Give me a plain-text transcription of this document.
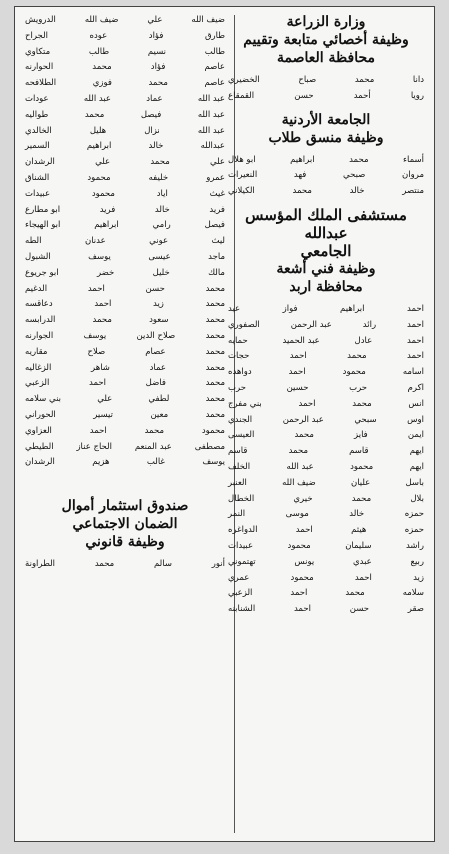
وزارة الزراعة
وظيفة أخصائي متابعة وتقييم
محافظة العاصمة
دانا
محمد
صباح
الخضيري
رويا
أحمد
حسن
القمقاع
الجامعة الأردنية
وظيفة منسق طلاب
أسماء
محمد
ابراهيم
ابو هلال
مروان
صبحي
فهد
النعيرات
منتصر
خالد
محمد
الكيلاني
مستشفى الملك المؤسس عبدالله
الجامعي
وظيفة فني أشعة
محافظة اربد
احمد
ابراهيم
فواز
عيد
احمد
رائد
عبد الرحمن
الصفوري
احمد
عادل
عبد الحميد
حمايه
احمد
محمد
احمد
حجات
اسامه
محمود
احمد
دواهده
اكرم
حرب
حسين
حرب
انس
محمد
احمد
بني مفرج
اوس
سبحي
عبد الرحمن
الجندي
ايمن
فايز
محمد
العيسى
ايهم
قاسم
محمد
قاسم
ايهم
محمود
عبد الله
الخلف
باسل
عليان
ضيف الله
العنبر
بلال
محمد
خيري
الخطال
حمزه
خالد
موسى
النمر
حمزه
هيثم
احمد
الدواغره
راشد
سليمان
محمود
عبيدات
ربيع
عبدي
يونس
تهتموني
زيد
احمد
محمود
عمري
سلامه
محمد
احمد
الزعبي
صقر
حسن
احمد
الشنابنه
ضيف الله
علي
ضيف الله
الدرويش
طارق
فؤاد
عوده
الجراح
طالب
نسيم
طالب
متكاوي
عاصم
فؤاد
محمد
الحوارنه
عاصم
محمد
فوزي
الطلافحه
عبد الله
عماد
عبد الله
عودات
عبد الله
فيصل
محمد
طواليه
عبد الله
نزال
هليل
الخالدي
عبدالله
خالد
ابراهيم
السمير
علي
محمد
علي
الرشدان
عمرو
خليفه
محمود
الشناق
غيث
اياد
محمود
عبيدات
فريد
خالد
فريد
ابو مطارع
فيصل
رامي
ابراهيم
ابو الهيجاء
ليث
عوني
عدنان
الطه
ماجد
عيسى
يوسف
الشبول
مالك
خليل
خضر
ابو جريوع
محمد
حسن
احمد
الدغيم
محمد
زيد
احمد
دعاقسه
محمد
سعود
محمد
الدرابسه
محمد
صلاح الدين
يوسف
الجوارنه
محمد
عصام
صلاح
مقاريه
محمد
عماد
شاهر
الزغاليه
محمد
فاضل
احمد
الزعبي
محمد
لطفي
علي
بني سلامه
محمد
معين
تيسير
الحوراني
محمود
محمد
احمد
العزاوي
مصطفى
عبد المنعم
الحاج عناز
الطيطي
يوسف
غالب
هزيم
الرشدان
صندوق استثمار أموال
الضمان الاجتماعي
وظيفة قانوني
أنور
سالم
محمد
الطراونة
